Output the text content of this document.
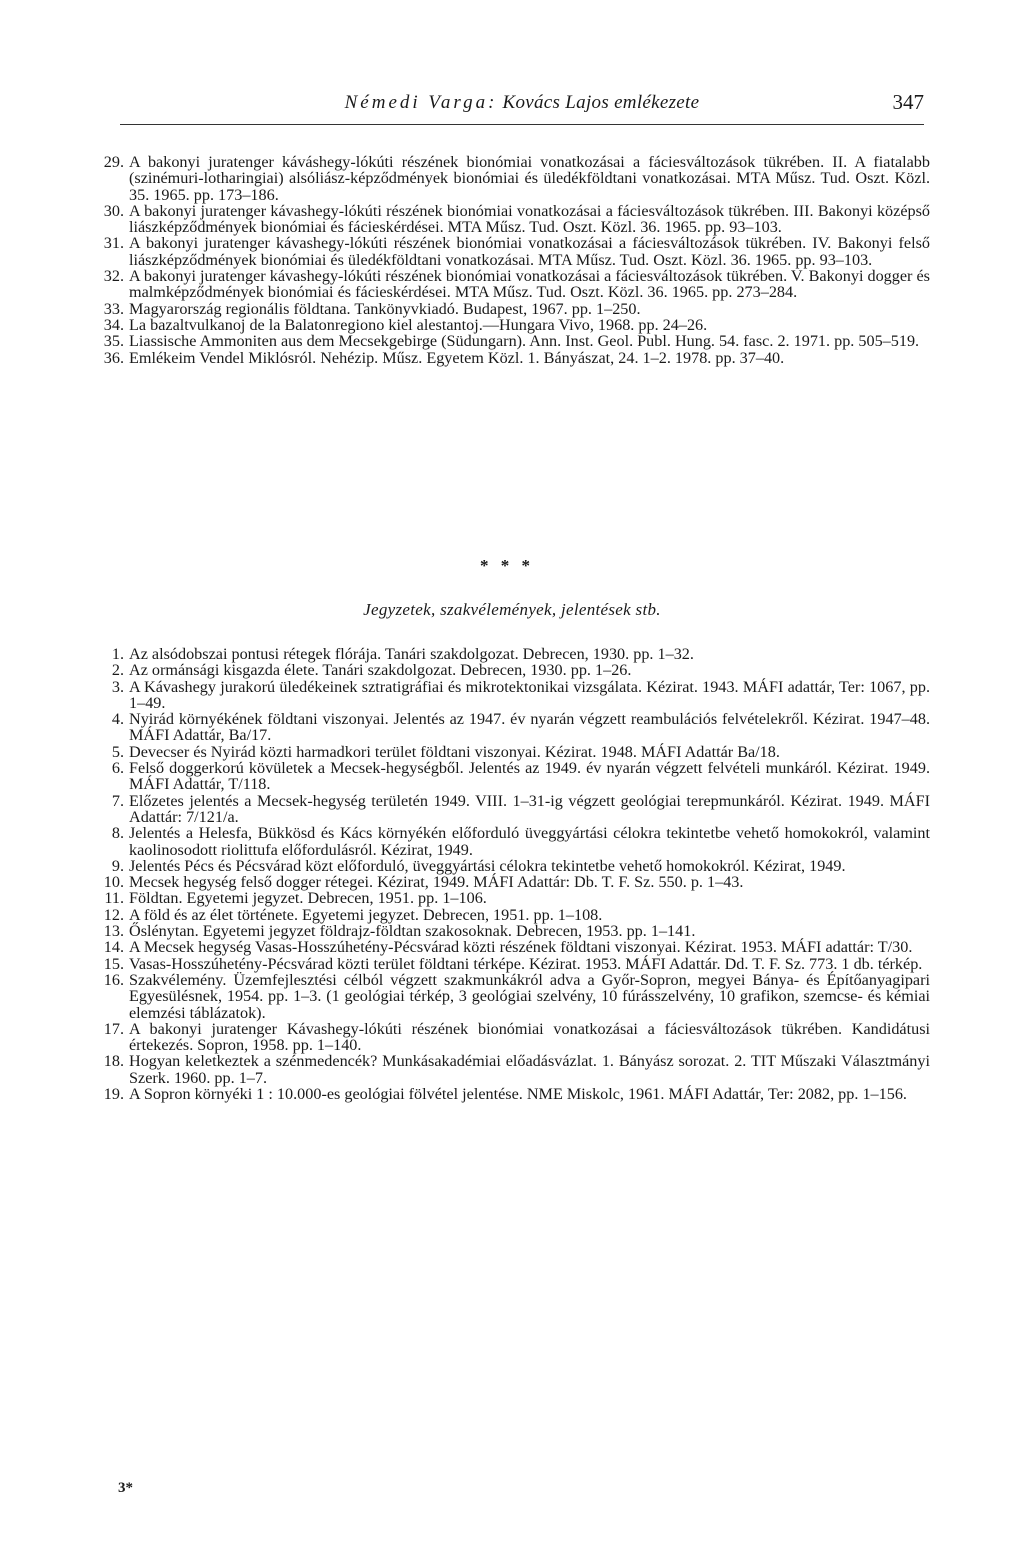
Némedi Varga: Kovács Lajos emlékezete	347
29. A bakonyi juratenger káváshegy-lókúti részének bionómiai vonatkozásai a fáciesváltozások tükrében. II. A fiatalabb (szinémuri-lotharingiai) alsóliász-képződmények bionómiai és üledékföldtani vonatkozásai. MTA Műsz. Tud. Oszt. Közl. 35. 1965. pp. 173–186.
30. A bakonyi juratenger kávashegy-lókúti részének bionómiai vonatkozásai a fáciesváltozások tükrében. III. Bakonyi középső liászképződmények bionómiai és fácieskérdései. MTA Műsz. Tud. Oszt. Közl. 36. 1965. pp. 93–103.
31. A bakonyi juratenger kávashegy-lókúti részének bionómiai vonatkozásai a fáciesváltozások tükrében. IV. Bakonyi felső liászképződmények bionómiai és üledékföldtani vonatkozásai. MTA Műsz. Tud. Oszt. Közl. 36. 1965. pp. 93–103.
32. A bakonyi juratenger kávashegy-lókúti részének bionómiai vonatkozásai a fáciesváltozások tükrében. V. Bakonyi dogger és malmképződmények bionómiai és fácieskérdései. MTA Műsz. Tud. Oszt. Közl. 36. 1965. pp. 273–284.
33. Magyarország regionális földtana. Tankönyvkiadó. Budapest, 1967. pp. 1–250.
34. La bazaltvulkanoj de la Balatonregiono kiel alestantoj.—Hungara Vivo, 1968. pp. 24–26.
35. Liassische Ammoniten aus dem Mecsekgebirge (Südungarn). Ann. Inst. Geol. Publ. Hung. 54. fasc. 2. 1971. pp. 505–519.
36. Emlékeim Vendel Miklósról. Nehézip. Műsz. Egyetem Közl. 1. Bányászat, 24. 1–2. 1978. pp. 37–40.
* * *
Jegyzetek, szakvélemények, jelentések stb.
1. Az alsódobszai pontusi rétegek flórája. Tanári szakdolgozat. Debrecen, 1930. pp. 1–32.
2. Az ormánsági kisgazda élete. Tanári szakdolgozat. Debrecen, 1930. pp. 1–26.
3. A Kávashegy jurakorú üledékeinek sztratigráfiai és mikrotektonikai vizsgálata. Kézirat. 1943. MÁFI adattár, Ter: 1067, pp. 1–49.
4. Nyirád környékének földtani viszonyai. Jelentés az 1947. év nyarán végzett reambulációs felvételekről. Kézirat. 1947–48. MÁFI Adattár, Ba/17.
5. Devecser és Nyirád közti harmadkori terület földtani viszonyai. Kézirat. 1948. MÁFI Adattár Ba/18.
6. Felső doggerkorú kövületek a Mecsek-hegységből. Jelentés az 1949. év nyarán végzett felvételi munkáról. Kézirat. 1949. MÁFI Adattár, T/118.
7. Előzetes jelentés a Mecsek-hegység területén 1949. VIII. 1–31-ig végzett geológiai terepmunkáról. Kézirat. 1949. MÁFI Adattár: 7/121/a.
8. Jelentés a Helesfa, Bükkösd és Kács környékén előforduló üveggyártási célokra tekintetbe vehető homokokról, valamint kaolinosodott riolittufa előfordulásról. Kézirat, 1949.
9. Jelentés Pécs és Pécsvárad közt előforduló, üveggyártási célokra tekintetbe vehető homokokról. Kézirat, 1949.
10. Mecsek hegység felső dogger rétegei. Kézirat, 1949. MÁFI Adattár: Db. T. F. Sz. 550. p. 1–43.
11. Földtan. Egyetemi jegyzet. Debrecen, 1951. pp. 1–106.
12. A föld és az élet története. Egyetemi jegyzet. Debrecen, 1951. pp. 1–108.
13. Őslénytan. Egyetemi jegyzet földrajz-földtan szakosoknak. Debrecen, 1953. pp. 1–141.
14. A Mecsek hegység Vasas-Hosszúhetény-Pécsvárad közti részének földtani viszonyai. Kézirat. 1953. MÁFI adattár: T/30.
15. Vasas-Hosszúhetény-Pécsvárad közti terület földtani térképe. Kézirat. 1953. MÁFI Adattár. Dd. T. F. Sz. 773. 1 db. térkép.
16. Szakvélemény. Üzemfejlesztési célból végzett szakmunkákról adva a Győr-Sopron, megyei Bánya- és Építőanyagipari Egyesülésnek, 1954. pp. 1–3. (1 geológiai térkép, 3 geológiai szelvény, 10 fúrásszelvény, 10 grafikon, szemcse- és kémiai elemzési táblázatok).
17. A bakonyi juratenger Kávashegy-lókúti részének bionómiai vonatkozásai a fáciesváltozások tükrében. Kandidátusi értekezés. Sopron, 1958. pp. 1–140.
18. Hogyan keletkeztek a szénmedencék? Munkásakadémiai előadásvázlat. 1. Bányász sorozat. 2. TIT Műszaki Választmányi Szerk. 1960. pp. 1–7.
19. A Sopron környéki 1 : 10.000-es geológiai fölvétel jelentése. NME Miskolc, 1961. MÁFI Adattár, Ter: 2082, pp. 1–156.
3*
